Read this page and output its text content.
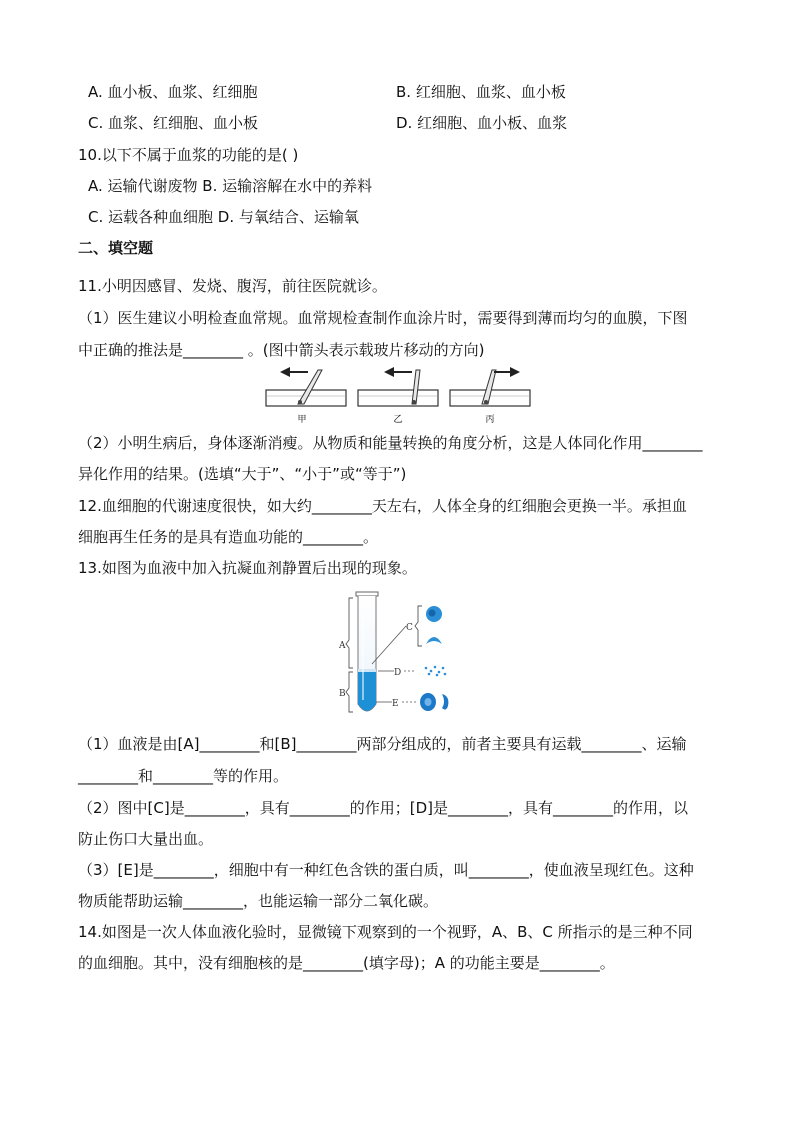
A. 血小板、血浆、红细胞	B. 红细胞、血浆、血小板
C. 血浆、红细胞、血小板	D. 红细胞、血小板、血浆
10.以下不属于血浆的功能的是( )
A. 运输代谢废物 B. 运输溶解在水中的养料
C. 运载各种血细胞 D. 与氧结合、运输氧
二、填空题
11.小明因感冒、发烧、腹泻，前往医院就诊。
（1）医生建议小明检查血常规。血常规检查制作血涂片时，需要得到薄而均匀的血膜，下图
中正确的推法是________ 。(图中箭头表示载玻片移动的方向)
甲	乙	丙
（2）小明生病后，身体逐渐消瘦。从物质和能量转换的角度分析，这是人体同化作用________
异化作用的结果。(选填“大于”、“小于”或“等于”)
12.血细胞的代谢速度很快，如大约________天左右，人体全身的红细胞会更换一半。承担血
细胞再生任务的是具有造血功能的________。
13.如图为血液中加入抗凝血剂静置后出现的现象。
A
B
C
D
E
（1）血液是由[A]________和[B]________两部分组成的，前者主要具有运载________、运输
________和________等的作用。
（2）图中[C]是________，具有________的作用；[D]是________，具有________的作用，以
防止伤口大量出血。
（3）[E]是________，细胞中有一种红色含铁的蛋白质，叫________，使血液呈现红色。这种
物质能帮助运输________，也能运输一部分二氧化碳。
14.如图是一次人体血液化验时，显微镜下观察到的一个视野，A、B、C 所指示的是三种不同
的血细胞。其中，没有细胞核的是________(填字母)；A 的功能主要是________。
